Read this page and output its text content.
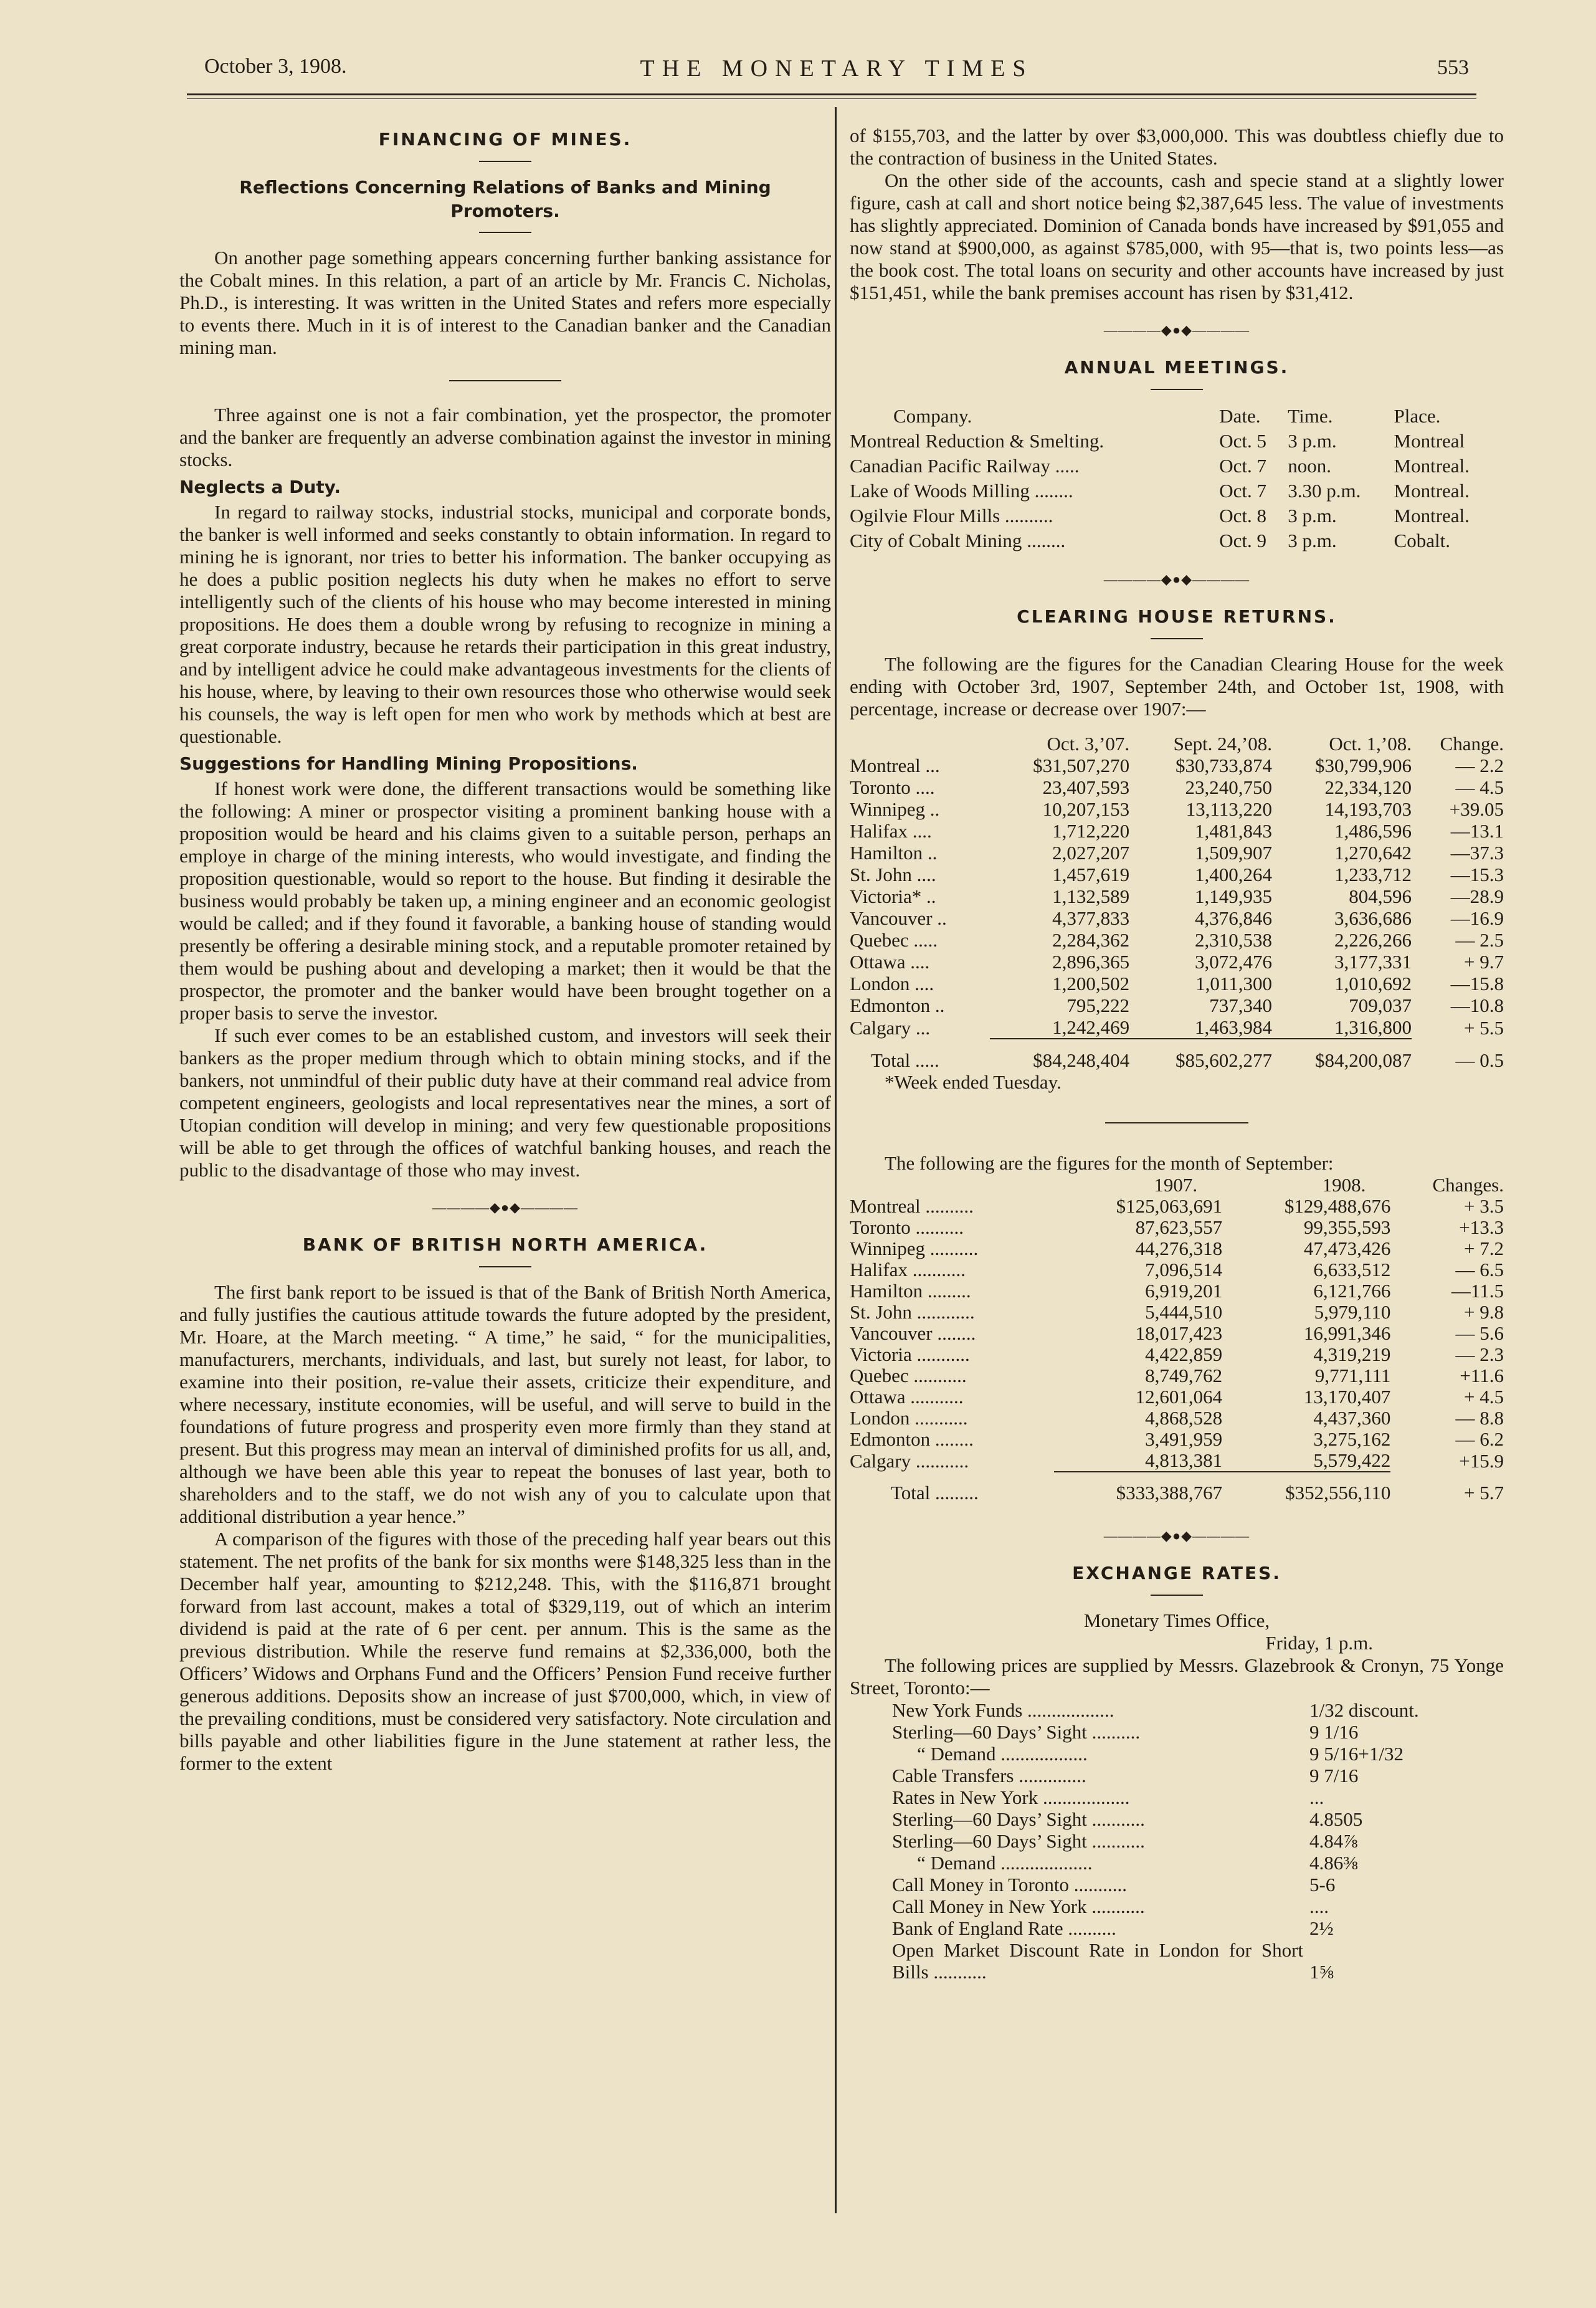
October 3, 1908.	THE MONETARY TIMES	553
FINANCING OF MINES.
Reflections Concerning Relations of Banks and Mining Promoters.

On another page something appears concerning further banking assistance for the Cobalt mines. In this relation, a part of an article by Mr. Francis C. Nicholas, Ph.D., is interesting. It was written in the United States and refers more especially to events there. Much in it is of interest to the Canadian banker and the Canadian mining man.

Three against one is not a fair combination, yet the prospector, the promoter and the banker are frequently an adverse combination against the investor in mining stocks.

Neglects a Duty.

In regard to railway stocks, industrial stocks, municipal and corporate bonds, the banker is well informed and seeks constantly to obtain information. In regard to mining he is ignorant, nor tries to better his information. The banker occupying as he does a public position neglects his duty when he makes no effort to serve intelligently such of the clients of his house who may become interested in mining propositions. He does them a double wrong by refusing to recognize in mining a great corporate industry, because he retards their participation in this great industry, and by intelligent advice he could make advantageous investments for the clients of his house, where, by leaving to their own resources those who otherwise would seek his counsels, the way is left open for men who work by methods which at best are questionable.

Suggestions for Handling Mining Propositions.

If honest work were done, the different transactions would be something like the following: A miner or prospector visiting a prominent banking house with a proposition would be heard and his claims given to a suitable person, perhaps an employe in charge of the mining interests, who would investigate, and finding the proposition questionable, would so report to the house. But finding it desirable the business would probably be taken up, a mining engineer and an economic geologist would be called; and if they found it favorable, a banking house of standing would presently be offering a desirable mining stock, and a reputable promoter retained by them would be pushing about and developing a market; then it would be that the prospector, the promoter and the banker would have been brought together on a proper basis to serve the investor.

If such ever comes to be an established custom, and investors will seek their bankers as the proper medium through which to obtain mining stocks, and if the bankers, not unmindful of their public duty have at their command real advice from competent engineers, geologists and local representatives near the mines, a sort of Utopian condition will develop in mining; and very few questionable propositions will be able to get through the offices of watchful banking houses, and reach the public to the disadvantage of those who may invest.

――――◆●◆――――
BANK OF BRITISH NORTH AMERICA.

The first bank report to be issued is that of the Bank of British North America, and fully justifies the cautious attitude towards the future adopted by the president, Mr. Hoare, at the March meeting. “ A time,” he said, “ for the municipalities, manufacturers, merchants, individuals, and last, but surely not least, for labor, to examine into their position, re-value their assets, criticize their expenditure, and where necessary, institute economies, will be useful, and will serve to build in the foundations of future progress and prosperity even more firmly than they stand at present. But this progress may mean an interval of diminished profits for us all, and, although we have been able this year to repeat the bonuses of last year, both to shareholders and to the staff, we do not wish any of you to calculate upon that additional distribution a year hence.”

A comparison of the figures with those of the preceding half year bears out this statement. The net profits of the bank for six months were $148,325 less than in the December half year, amounting to $212,248. This, with the $116,871 brought forward from last account, makes a total of $329,119, out of which an interim dividend is paid at the rate of 6 per cent. per annum. This is the same as the previous distribution. While the reserve fund remains at $2,336,000, both the Officers’ Widows and Orphans Fund and the Officers’ Pension Fund receive further generous additions. Deposits show an increase of just $700,000, which, in view of the prevailing conditions, must be considered very satisfactory. Note circulation and bills payable and other liabilities figure in the June statement at rather less, the former to the extent

of $155,703, and the latter by over $3,000,000. This was doubtless chiefly due to the contraction of business in the United States.

On the other side of the accounts, cash and specie stand at a slightly lower figure, cash at call and short notice being $2,387,645 less. The value of investments has slightly appreciated. Dominion of Canada bonds have increased by $91,055 and now stand at $900,000, as against $785,000, with 95—that is, two points less—as the book cost. The total loans on security and other accounts have increased by just $151,451, while the bank premises account has risen by $31,412.

――――◆●◆――――
ANNUAL MEETINGS.
Company.	Date.	Time.	Place.
Montreal Reduction & Smelting.	Oct. 5	3 p.m.	Montreal
Canadian Pacific Railway .....	Oct. 7	noon.	Montreal.
Lake of Woods Milling ........	Oct. 7	3.30 p.m.	Montreal.
Ogilvie Flour Mills ..........	Oct. 8	3 p.m.	Montreal.
City of Cobalt Mining ........	Oct. 9	3 p.m.	Cobalt.
――――◆●◆――――
CLEARING HOUSE RETURNS.

The following are the figures for the Canadian Clearing House for the week ending with October 3rd, 1907, September 24th, and October 1st, 1908, with percentage, increase or decrease over 1907:—

	Oct. 3,’07.	Sept. 24,’08.	Oct. 1,’08.	Change.
Montreal ...	$31,507,270	$30,733,874	$30,799,906	— 2.2
Toronto ....	23,407,593	23,240,750	22,334,120	— 4.5
Winnipeg ..	10,207,153	13,113,220	14,193,703	+39.05
Halifax ....	1,712,220	1,481,843	1,486,596	—13.1
Hamilton ..	2,027,207	1,509,907	1,270,642	—37.3
St. John ....	1,457,619	1,400,264	1,233,712	—15.3
Victoria* ..	1,132,589	1,149,935	804,596	—28.9
Vancouver ..	4,377,833	4,376,846	3,636,686	—16.9
Quebec .....	2,284,362	2,310,538	2,226,266	— 2.5
Ottawa ....	2,896,365	3,072,476	3,177,331	+ 9.7
London ....	1,200,502	1,011,300	1,010,692	—15.8
Edmonton ..	795,222	737,340	709,037	—10.8
Calgary ...	1,242,469	1,463,984	1,316,800	+ 5.5
Total .....	$84,248,404	$85,602,277	$84,200,087	— 0.5

*Week ended Tuesday.

The following are the figures for the month of September:

	1907.	1908.	Changes.
Montreal ..........	$125,063,691	$129,488,676	+ 3.5
Toronto ..........	87,623,557	99,355,593	+13.3
Winnipeg ..........	44,276,318	47,473,426	+ 7.2
Halifax ...........	7,096,514	6,633,512	— 6.5
Hamilton .........	6,919,201	6,121,766	—11.5
St. John ............	5,444,510	5,979,110	+ 9.8
Vancouver ........	18,017,423	16,991,346	— 5.6
Victoria ...........	4,422,859	4,319,219	— 2.3
Quebec ...........	8,749,762	9,771,111	+11.6
Ottawa ...........	12,601,064	13,170,407	+ 4.5
London ...........	4,868,528	4,437,360	— 8.8
Edmonton ........	3,491,959	3,275,162	— 6.2
Calgary ...........	4,813,381	5,579,422	+15.9
Total .........	$333,388,767	$352,556,110	+ 5.7
――――◆●◆――――
EXCHANGE RATES.
Monetary Times Office,
Friday, 1 p.m.

The following prices are supplied by Messrs. Glazebrook & Cronyn, 75 Yonge Street, Toronto:—

New York Funds ..................	1/32 discount.
Sterling—60 Days’ Sight ..........	9 1/16
“ Demand ..................	9 5/16+1/32
Cable Transfers ..............	9 7/16
Rates in New York ..................	...
Sterling—60 Days’ Sight ...........	4.8505
Sterling—60 Days’ Sight ...........	4.84⅞
“ Demand ...................	4.86⅜
Call Money in Toronto ...........	5-6
Call Money in New York ...........	....
Bank of England Rate ..........	2½
Open Market Discount Rate in London for Short Bills ...........	1⅝
